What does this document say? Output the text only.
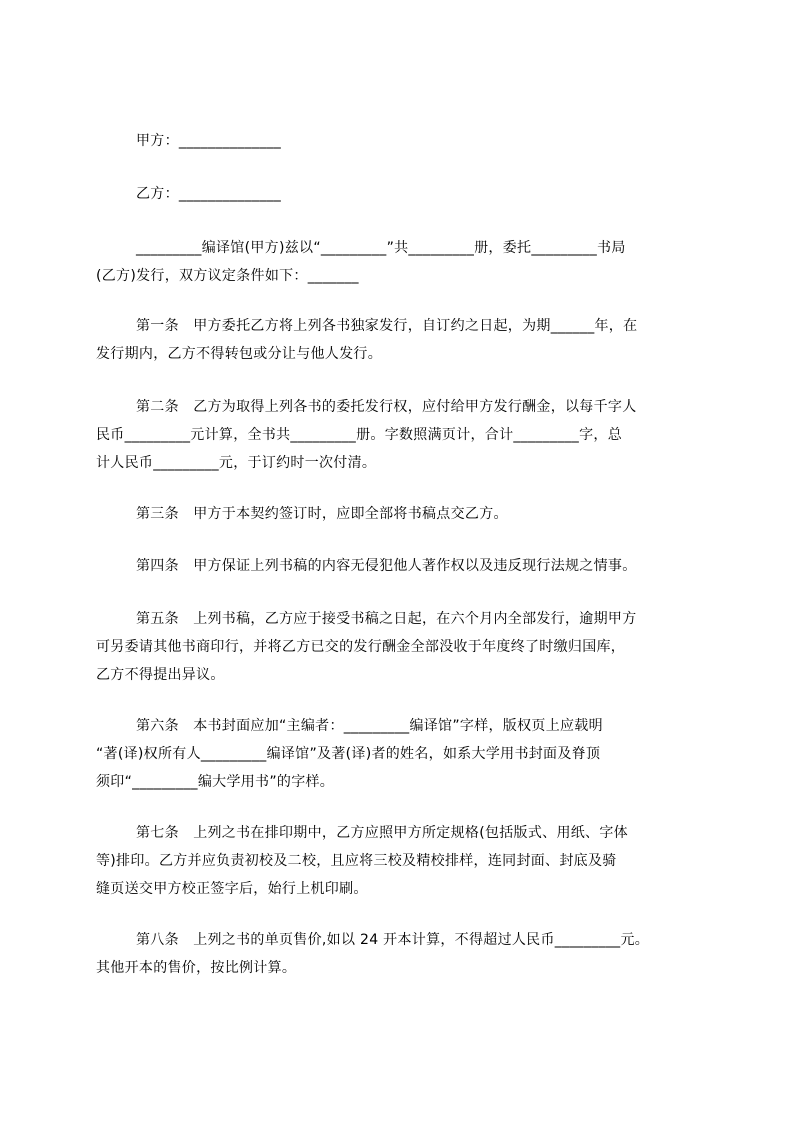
甲方：______________

乙方：______________

_________编译馆(甲方)兹以“_________”共_________册，委托_________书局
(乙方)发行，双方议定条件如下：_______

第一条　甲方委托乙方将上列各书独家发行，自订约之日起，为期______年，在
发行期内，乙方不得转包或分让与他人发行。

第二条　乙方为取得上列各书的委托发行权，应付给甲方发行酬金，以每千字人
民币_________元计算，全书共_________册。字数照满页计，合计_________字，总
计人民币_________元，于订约时一次付清。

第三条　甲方于本契约签订时，应即全部将书稿点交乙方。

第四条　甲方保证上列书稿的内容无侵犯他人著作权以及违反现行法规之情事。

第五条　上列书稿，乙方应于接受书稿之日起，在六个月内全部发行，逾期甲方
可另委请其他书商印行，并将乙方已交的发行酬金全部没收于年度终了时缴归国库，
乙方不得提出异议。

第六条　本书封面应加“主编者：_________编译馆”字样，版权页上应载明
“著(译)权所有人_________编译馆”及著(译)者的姓名，如系大学用书封面及脊顶
须印“_________编大学用书”的字样。

第七条　上列之书在排印期中，乙方应照甲方所定规格(包括版式、用纸、字体
等)排印。乙方并应负责初校及二校，且应将三校及精校排样，连同封面、封底及骑
缝页送交甲方校正签字后，始行上机印刷。

第八条　上列之书的单页售价,如以 24 开本计算，不得超过人民币_________元。
其他开本的售价，按比例计算。
